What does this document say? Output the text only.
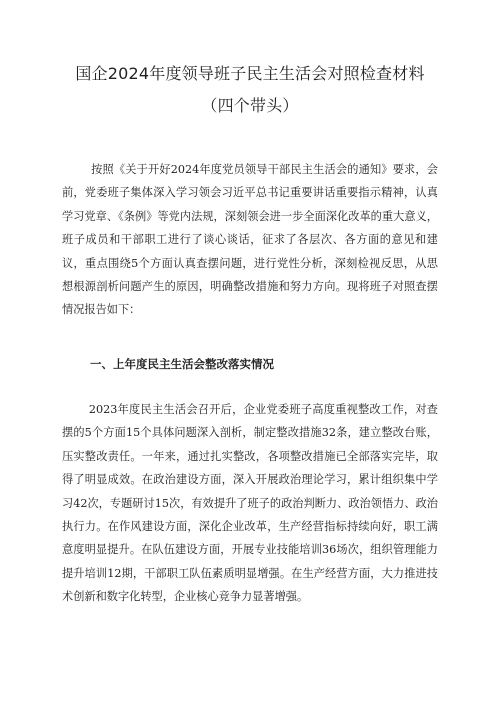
国企2024年度领导班子民主生活会对照检查材料（四个带头）
按照《关于开好2024年度党员领导干部民主生活会的通知》要求，会前，党委班子集体深入学习领会习近平总书记重要讲话重要指示精神，认真学习党章、《条例》等党内法规，深刻领会进一步全面深化改革的重大意义，班子成员和干部职工进行了谈心谈话，征求了各层次、各方面的意见和建议，重点围绕5个方面认真查摆问题，进行党性分析，深刻检视反思，从思想根源剖析问题产生的原因，明确整改措施和努力方向。现将班子对照查摆情况报告如下：
一、上年度民主生活会整改落实情况
2023年度民主生活会召开后，企业党委班子高度重视整改工作，对查摆的5个方面15个具体问题深入剖析，制定整改措施32条，建立整改台账，压实整改责任。一年来，通过扎实整改，各项整改措施已全部落实完毕，取得了明显成效。在政治建设方面，深入开展政治理论学习，累计组织集中学习42次，专题研讨15次，有效提升了班子的政治判断力、政治领悟力、政治执行力。在作风建设方面，深化企业改革，生产经营指标持续向好，职工满意度明显提升。在队伍建设方面，开展专业技能培训36场次，组织管理能力提升培训12期，干部职工队伍素质明显增强。在生产经营方面，大力推进技术创新和数字化转型，企业核心竞争力显著增强。
